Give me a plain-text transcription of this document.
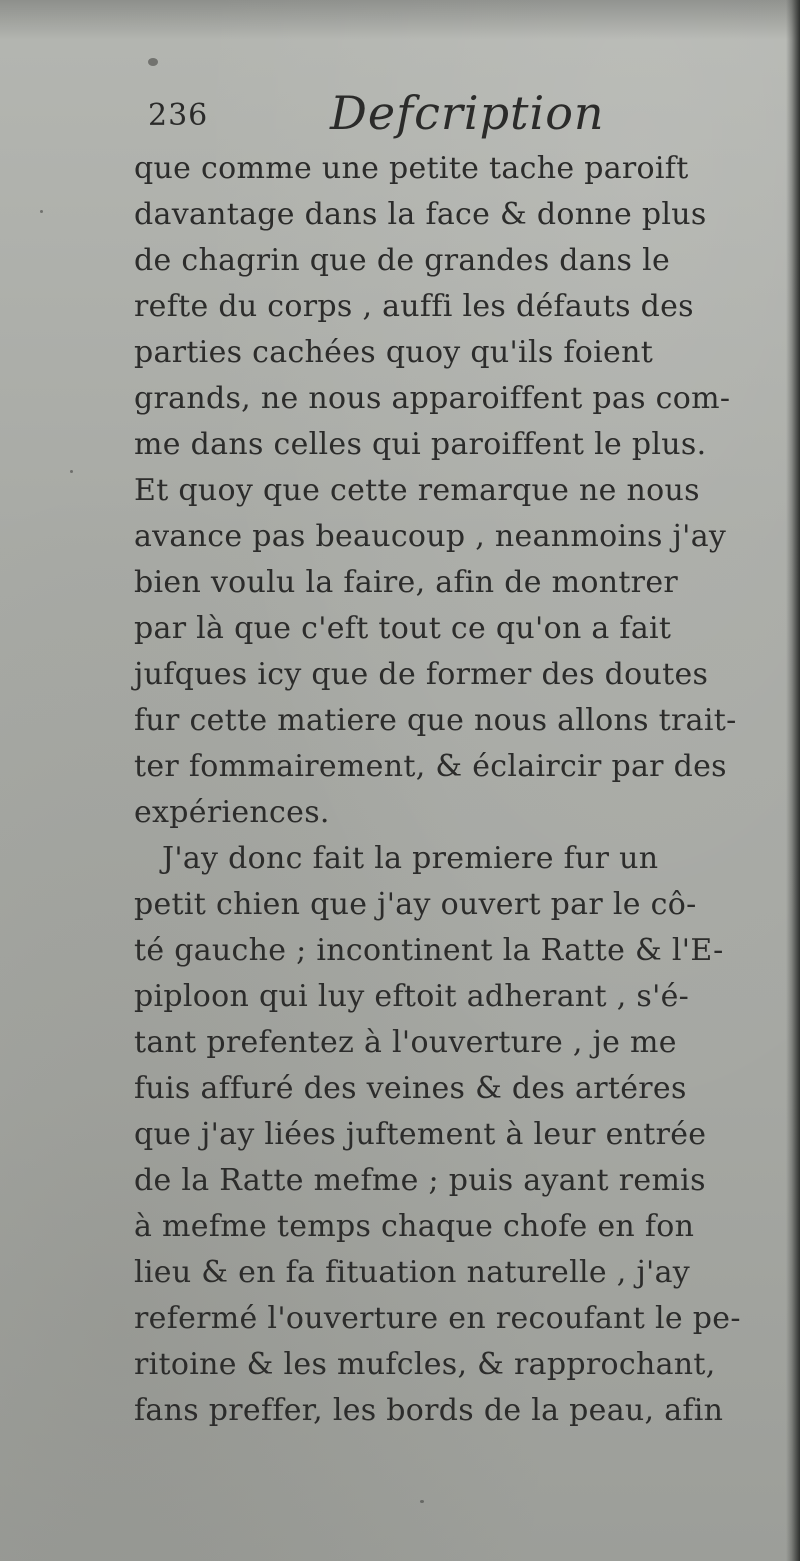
236	Defcription
que comme une petite tache paroift
davantage dans la face & donne plus
de chagrin que de grandes dans le
refte du corps , auffi les défauts des
parties cachées quoy qu'ils foient
grands, ne nous apparoiffent pas com-
me dans celles qui paroiffent le plus.
Et quoy que cette remarque ne nous
avance pas beaucoup , neanmoins j'ay
bien voulu la faire, afin de montrer
par là que c'eft tout ce qu'on a fait
jufques icy que de former des doutes
fur cette matiere que nous allons trait-
ter fommairement, & éclaircir par des
expériences.
J'ay donc fait la premiere fur un
petit chien que j'ay ouvert par le cô-
té gauche ; incontinent la Ratte & l'E-
piploon qui luy eftoit adherant , s'é-
tant prefentez à l'ouverture , je me
fuis affuré des veines & des artéres
que j'ay liées juftement à leur entrée
de la Ratte mefme ; puis ayant remis
à mefme temps chaque chofe en fon
lieu & en fa fituation naturelle , j'ay
refermé l'ouverture en recoufant le pe-
ritoine & les mufcles, & rapprochant,
fans preffer, les bords de la peau, afin
